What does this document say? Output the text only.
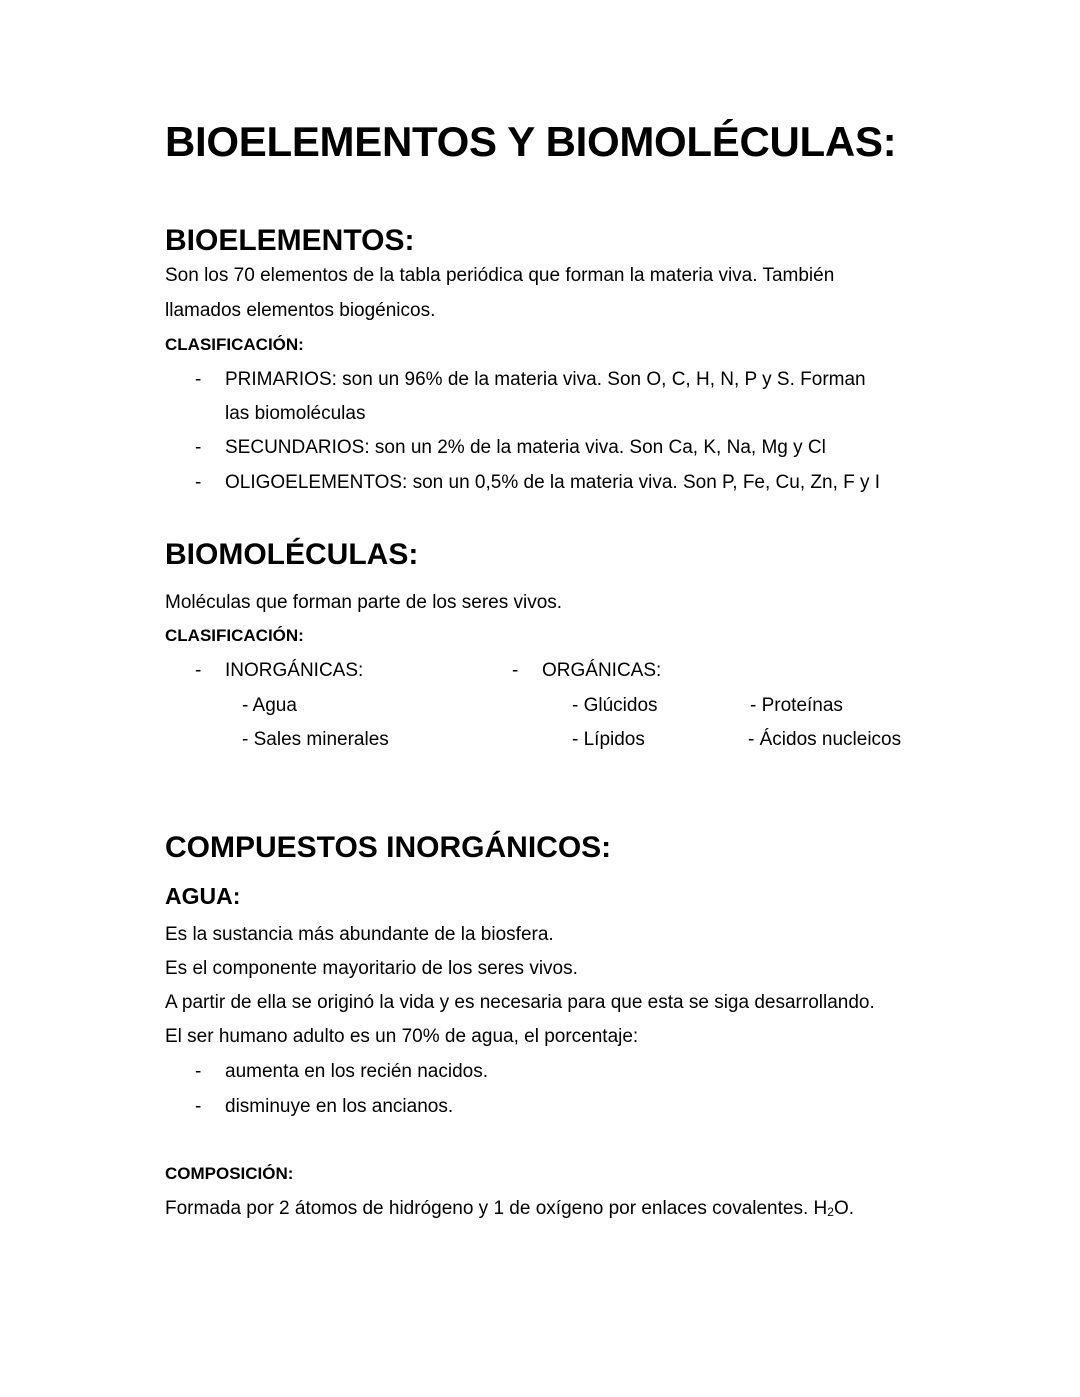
BIOELEMENTOS Y BIOMOLÉCULAS:
BIOELEMENTOS:
Son los 70 elementos de la tabla periódica que forman la materia viva. También
llamados elementos biogénicos.
CLASIFICACIÓN:
- PRIMARIOS: son un 96% de la materia viva. Son O, C, H, N, P y S. Forman
las biomoléculas
- SECUNDARIOS: son un 2% de la materia viva. Son Ca, K, Na, Mg y Cl
- OLIGOELEMENTOS: son un 0,5% de la materia viva. Son P, Fe, Cu, Zn, F y I
BIOMOLÉCULAS:
Moléculas que forman parte de los seres vivos.
CLASIFICACIÓN:
- INORGÁNICAS:	- ORGÁNICAS:
- Agua	- Glúcidos	- Proteínas
- Sales minerales	- Lípidos	- Ácidos nucleicos
COMPUESTOS INORGÁNICOS:
AGUA:
Es la sustancia más abundante de la biosfera.
Es el componente mayoritario de los seres vivos.
A partir de ella se originó la vida y es necesaria para que esta se siga desarrollando.
El ser humano adulto es un 70% de agua, el porcentaje:
- aumenta en los recién nacidos.
- disminuye en los ancianos.
COMPOSICIÓN:
Formada por 2 átomos de hidrógeno y 1 de oxígeno por enlaces covalentes. H2O.
